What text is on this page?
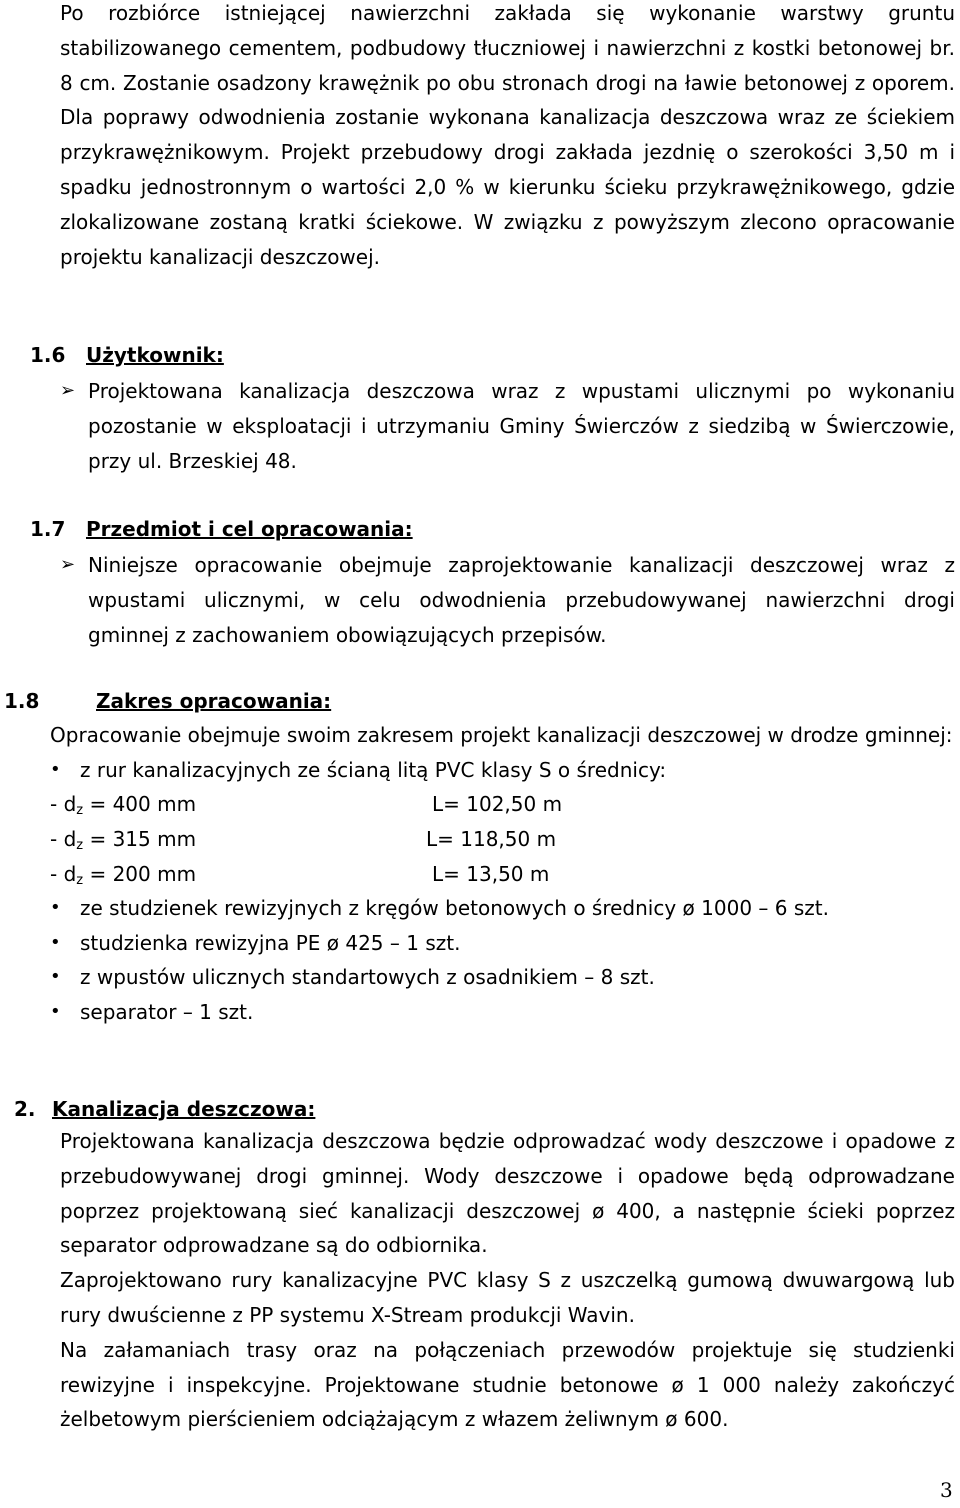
Po rozbiórce istniejącej nawierzchni zakłada się wykonanie warstwy gruntu stabilizowanego cementem, podbudowy tłuczniowej i nawierzchni z kostki betonowej br. 8 cm. Zostanie osadzony krawężnik po obu stronach drogi na ławie betonowej z oporem. Dla poprawy odwodnienia zostanie wykonana kanalizacja deszczowa wraz ze ściekiem przykrawężnikowym. Projekt przebudowy drogi zakłada jezdnię o szerokości 3,50 m i spadku jednostronnym o wartości 2,0 % w kierunku ścieku przykrawężnikowego, gdzie zlokalizowane zostaną kratki ściekowe. W związku z powyższym zlecono opracowanie projektu kanalizacji deszczowej.

1.6 Użytkownik:
➢ Projektowana kanalizacja deszczowa wraz z wpustami ulicznymi po wykonaniu pozostanie w eksploatacji i utrzymaniu Gminy Świerczów z siedzibą w Świerczowie, przy ul. Brzeskiej 48.

1.7 Przedmiot i cel opracowania:
➢ Niniejsze opracowanie obejmuje zaprojektowanie kanalizacji deszczowej wraz z wpustami ulicznymi, w celu odwodnienia przebudowywanej nawierzchni drogi gminnej z zachowaniem obowiązujących przepisów.

1.8	Zakres opracowania:

Opracowanie obejmuje swoim zakresem projekt kanalizacji deszczowej w drodze gminnej:

• z rur kanalizacyjnych ze ścianą litą PVC klasy S o średnicy:
- $d_z = 400$ mm	L= 102,50 m
- $d_z = 315$ mm	L= 118,50 m
- $d_z = 200$ mm	L= 13,50 m
• ze studzienek rewizyjnych z kręgów betonowych o średnicy ø 1000 – 6 szt.
• studzienka rewizyjna PE ø 425 – 1 szt.
• z wpustów ulicznych standartowych z osadnikiem – 8 szt.
• separator – 1 szt.
2. Kanalizacja deszczowa:

Projektowana kanalizacja deszczowa będzie odprowadzać wody deszczowe i opadowe z przebudowywanej drogi gminnej. Wody deszczowe i opadowe będą odprowadzane poprzez projektowaną sieć kanalizacji deszczowej ø 400, a następnie ścieki poprzez separator odprowadzane są do odbiornika.

Zaprojektowano rury kanalizacyjne PVC klasy S z uszczelką gumową dwuwargową lub rury dwuścienne z PP systemu X-Stream produkcji Wavin.

Na załamaniach trasy oraz na połączeniach przewodów projektuje się studzienki rewizyjne i inspekcyjne. Projektowane studnie betonowe ø 1 000 należy zakończyć żelbetowym pierścieniem odciążającym z włazem żeliwnym ø 600.

3
